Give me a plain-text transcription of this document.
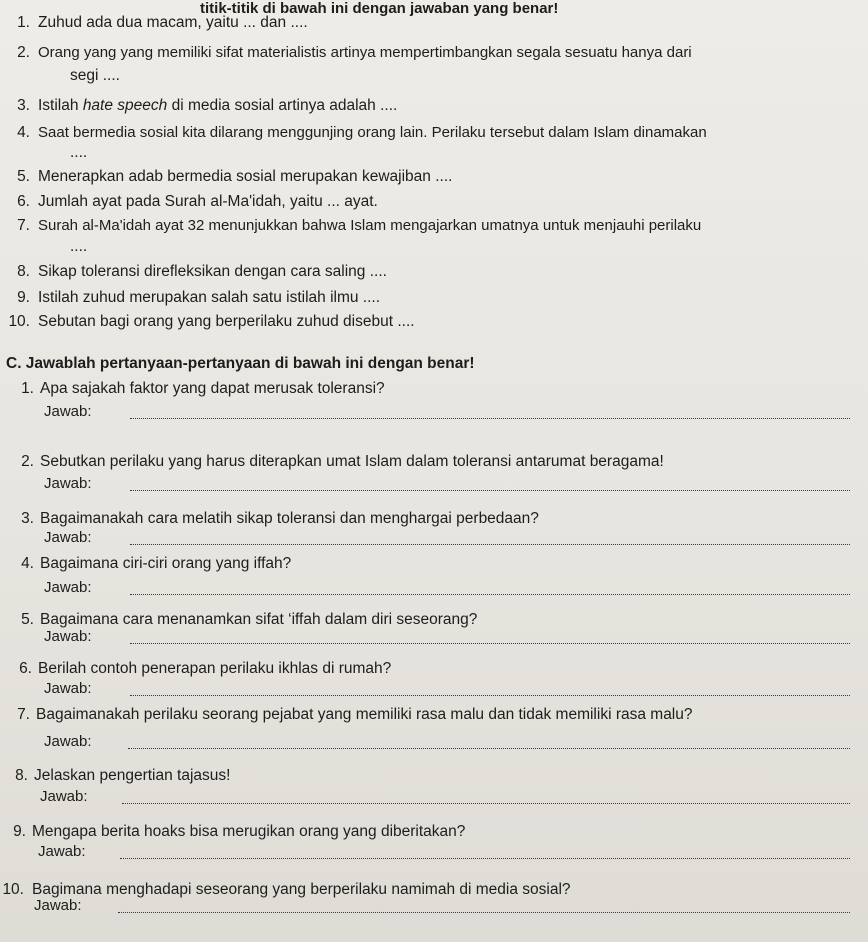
titik-titik di bawah ini dengan jawaban yang benar!
1. Zuhud ada dua macam, yaitu ... dan ....
2. Orang yang yang memiliki sifat materialistis artinya mempertimbangkan segala sesuatu hanya dari
segi ....
3. Istilah hate speech di media sosial artinya adalah ....
4. Saat bermedia sosial kita dilarang menggunjing orang lain. Perilaku tersebut dalam Islam dinamakan
....
5. Menerapkan adab bermedia sosial merupakan kewajiban ....
6. Jumlah ayat pada Surah al-Ma'idah, yaitu ... ayat.
7. Surah al-Ma'idah ayat 32 menunjukkan bahwa Islam mengajarkan umatnya untuk menjauhi perilaku
....
8. Sikap toleransi direfleksikan dengan cara saling ....
9. Istilah zuhud merupakan salah satu istilah ilmu ....
10. Sebutan bagi orang yang berperilaku zuhud disebut ....
C. Jawablah pertanyaan-pertanyaan di bawah ini dengan benar!
1. Apa sajakah faktor yang dapat merusak toleransi?
Jawab:
2. Sebutkan perilaku yang harus diterapkan umat Islam dalam toleransi antarumat beragama!
Jawab:
3. Bagaimanakah cara melatih sikap toleransi dan menghargai perbedaan?
Jawab:
4. Bagaimana ciri-ciri orang yang iffah?
Jawab:
5. Bagaimana cara menanamkan sifat ‘iffah dalam diri seseorang?
Jawab:
6. Berilah contoh penerapan perilaku ikhlas di rumah?
Jawab:
7. Bagaimanakah perilaku seorang pejabat yang memiliki rasa malu dan tidak memiliki rasa malu?
Jawab:
8. Jelaskan pengertian tajasus!
Jawab:
9. Mengapa berita hoaks bisa merugikan orang yang diberitakan?
Jawab:
10. Bagimana menghadapi seseorang yang berperilaku namimah di media sosial?
Jawab:
